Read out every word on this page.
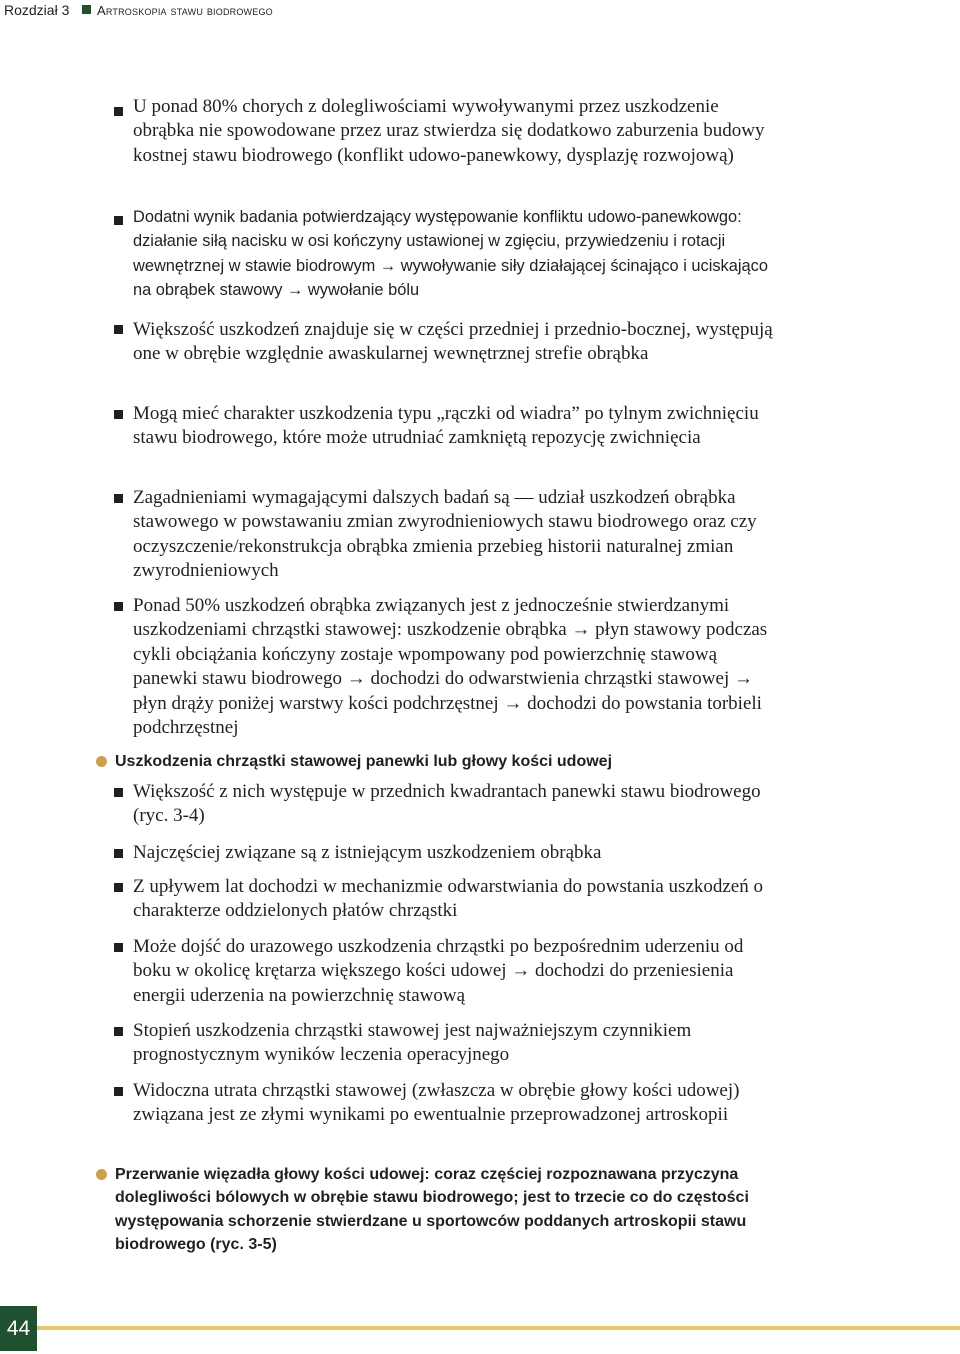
Rozdział 3 Artroskopia stawu biodrowego
U ponad 80% chorych z dolegliwościami wywoływanymi przez uszkodzenie obrąbka nie spowodowane przez uraz stwierdza się dodatkowo zaburzenia budowy kostnej stawu biodrowego (konflikt udowo-panewkowy, dysplazję rozwojową)
Dodatni wynik badania potwierdzający występowanie konfliktu udowo-panewkowgo: działanie siłą nacisku w osi kończyny ustawionej w zgięciu, przywiedzeniu i rotacji wewnętrznej w stawie biodrowym → wywoływanie siły działającej ścinająco i uciskająco na obrąbek stawowy → wywołanie bólu
Większość uszkodzeń znajduje się w części przedniej i przednio-bocznej, występują one w obrębie względnie awaskularnej wewnętrznej strefie obrąbka
Mogą mieć charakter uszkodzenia typu „rączki od wiadra” po tylnym zwichnięciu stawu biodrowego, które może utrudniać zamkniętą repozycję zwichnięcia
Zagadnieniami wymagającymi dalszych badań są — udział uszkodzeń obrąbka stawowego w powstawaniu zmian zwyrodnieniowych stawu biodrowego oraz czy oczyszczenie/rekonstrukcja obrąbka zmienia przebieg historii naturalnej zmian zwyrodnieniowych
Ponad 50% uszkodzeń obrąbka związanych jest z jednocześnie stwierdzanymi uszkodzeniami chrząstki stawowej: uszkodzenie obrąbka → płyn stawowy podczas cykli obciążania kończyny zostaje wpompowany pod powierzchnię stawową panewki stawu biodrowego → dochodzi do odwarstwienia chrząstki stawowej → płyn drąży poniżej warstwy kości podchrzęstnej → dochodzi do powstania torbieli podchrzęstnej
Uszkodzenia chrząstki stawowej panewki lub głowy kości udowej
Większość z nich występuje w przednich kwadrantach panewki stawu biodrowego (ryc. 3-4)
Najczęściej związane są z istniejącym uszkodzeniem obrąbka
Z upływem lat dochodzi w mechanizmie odwarstwiania do powstania uszkodzeń o charakterze oddzielonych płatów chrząstki
Może dojść do urazowego uszkodzenia chrząstki po bezpośrednim uderzeniu od boku w okolicę krętarza większego kości udowej → dochodzi do przeniesienia energii uderzenia na powierzchnię stawową
Stopień uszkodzenia chrząstki stawowej jest najważniejszym czynnikiem prognostycznym wyników leczenia operacyjnego
Widoczna utrata chrząstki stawowej (zwłaszcza w obrębie głowy kości udowej) związana jest ze złymi wynikami po ewentualnie przeprowadzonej artroskopii
Przerwanie więzadła głowy kości udowej: coraz częściej rozpoznawana przyczyna dolegliwości bólowych w obrębie stawu biodrowego; jest to trzecie co do częstości występowania schorzenie stwierdzane u sportowców poddanych artroskopii stawu biodrowego (ryc. 3-5)
44
